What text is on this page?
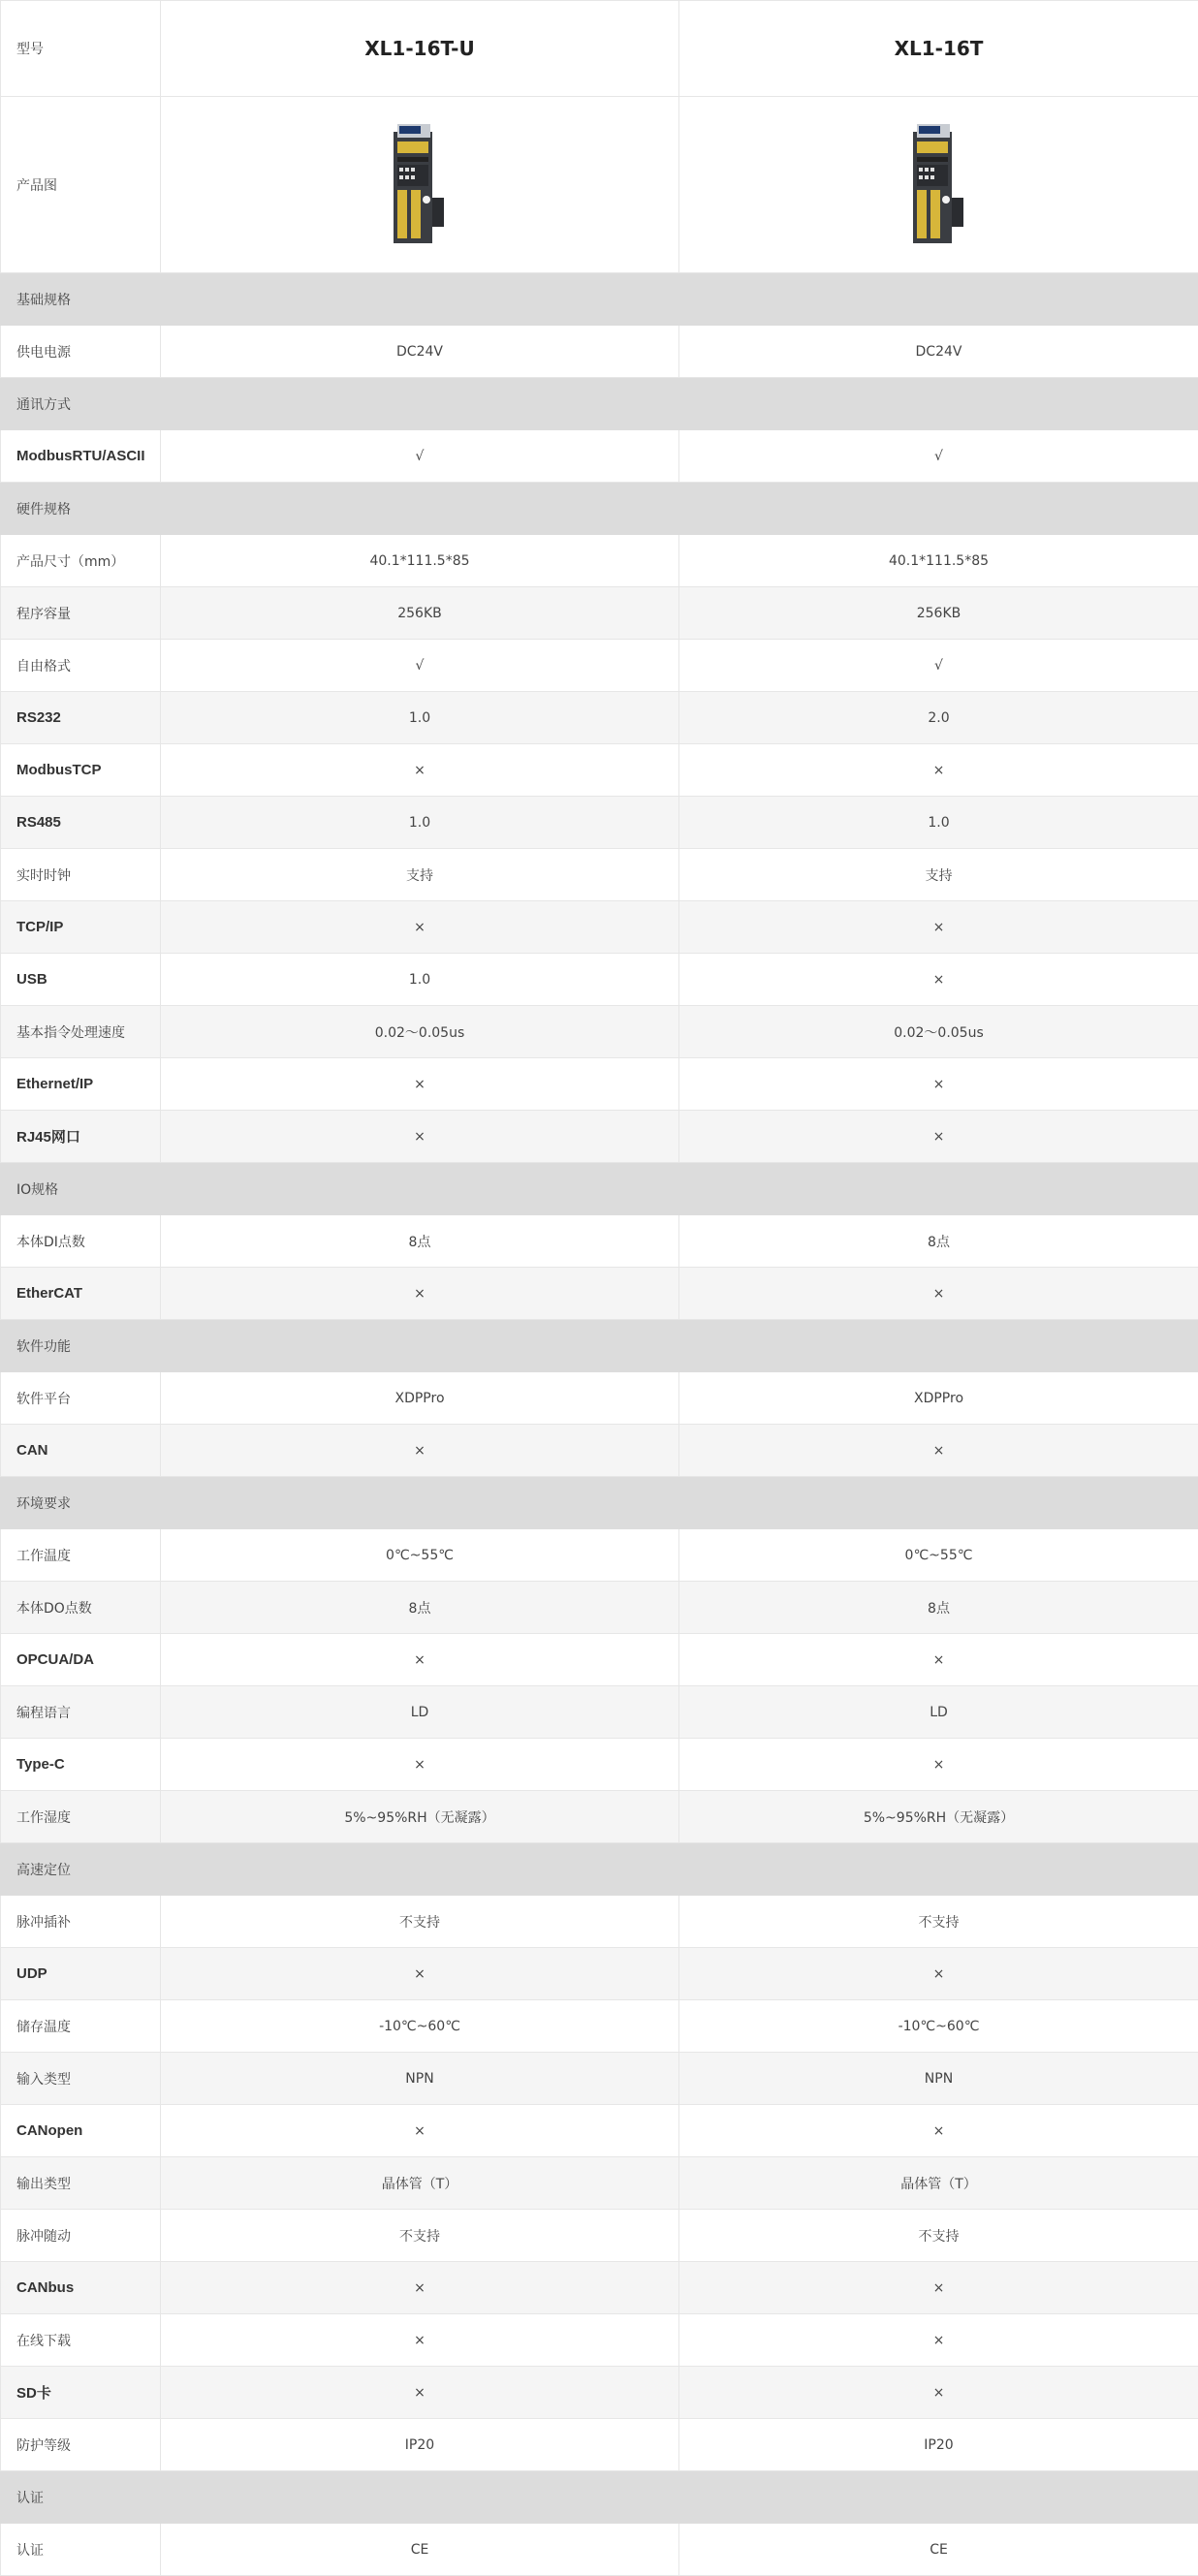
型号	XL1-16T-U	XL1-16T
产品图		
基础规格		
供电电源	DC24V	DC24V
通讯方式		
ModbusRTU/ASCII	√	√
硬件规格		
产品尺寸（mm）	40.1*111.5*85	40.1*111.5*85
程序容量	256KB	256KB
自由格式	√	√
RS232	1.0	2.0
ModbusTCP	×	×
RS485	1.0	1.0
实时时钟	支持	支持
TCP/IP	×	×
USB	1.0	×
基本指令处理速度	0.02～0.05us	0.02～0.05us
Ethernet/IP	×	×
RJ45网口	×	×
IO规格		
本体DI点数	8点	8点
EtherCAT	×	×
软件功能		
软件平台	XDPPro	XDPPro
CAN	×	×
环境要求		
工作温度	0℃~55℃	0℃~55℃
本体DO点数	8点	8点
OPCUA/DA	×	×
编程语言	LD	LD
Type-C	×	×
工作湿度	5%~95%RH（无凝露）	5%~95%RH（无凝露）
高速定位		
脉冲插补	不支持	不支持
UDP	×	×
储存温度	-10℃~60℃	-10℃~60℃
输入类型	NPN	NPN
CANopen	×	×
输出类型	晶体管（T）	晶体管（T）
脉冲随动	不支持	不支持
CANbus	×	×
在线下载	×	×
SD卡	×	×
防护等级	IP20	IP20
认证		
认证	CE	CE
